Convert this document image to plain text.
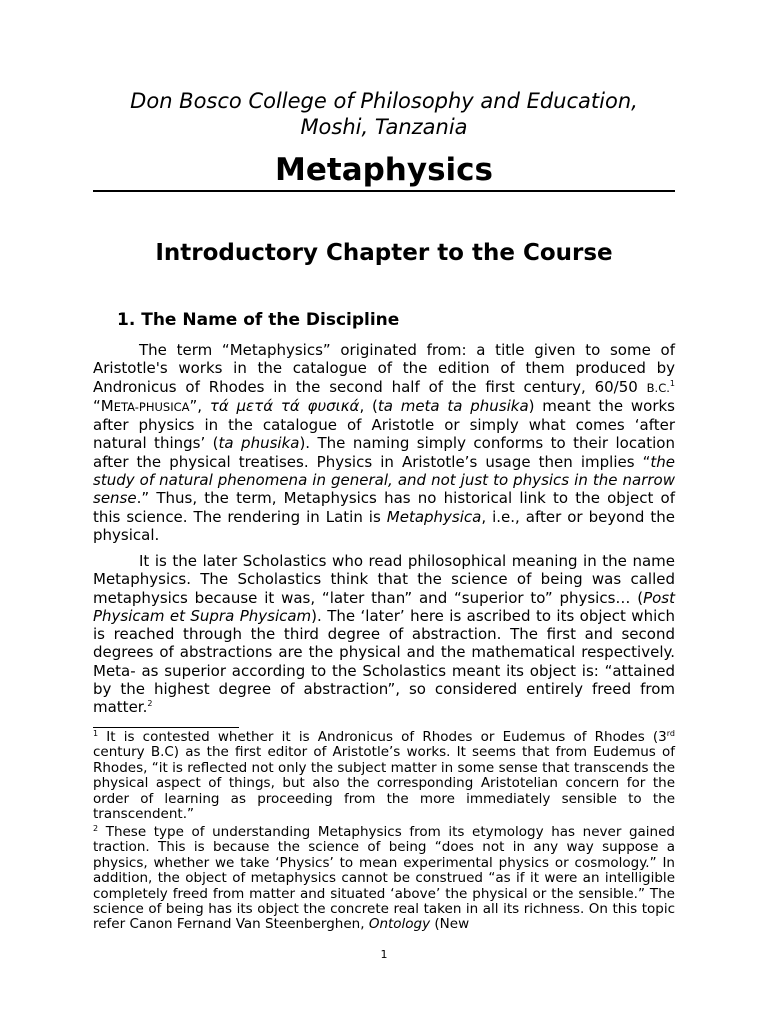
Don Bosco College of Philosophy and Education,
Moshi, Tanzania
Metaphysics
Introductory Chapter to the Course
1. The Name of the Discipline

The term “Metaphysics” originated from: a title given to some of Aristotle's works in the catalogue of the edition of them produced by Andronicus of Rhodes in the second half of the first century, 60/50 B.C.$^1$ “META-PHUSICA”, τά μετά τά φυσικά, (ta meta ta phusika) meant the works after physics in the catalogue of Aristotle or simply what comes ‘after natural things’ (ta phusika). The naming simply conforms to their location after the physical treatises. Physics in Aristotle’s usage then implies “the study of natural phenomena in general, and not just to physics in the narrow sense.” Thus, the term, Metaphysics has no historical link to the object of this science. The rendering in Latin is Metaphysica, i.e., after or beyond the physical.

It is the later Scholastics who read philosophical meaning in the name Metaphysics. The Scholastics think that the science of being was called metaphysics because it was, “later than” and “superior to” physics… (Post Physicam et Supra Physicam). The ‘later’ here is ascribed to its object which is reached through the third degree of abstraction. The first and second degrees of abstractions are the physical and the mathematical respectively. Meta- as superior according to the Scholastics meant its object is: “attained by the highest degree of abstraction”, so considered entirely freed from matter.$^2$

$^1$ It is contested whether it is Andronicus of Rhodes or Eudemus of Rhodes (3rd century B.C) as the first editor of Aristotle’s works. It seems that from Eudemus of Rhodes, “it is reflected not only the subject matter in some sense that transcends the physical aspect of things, but also the corresponding Aristotelian concern for the order of learning as proceeding from the more immediately sensible to the transcendent.”

$^2$ These type of understanding Metaphysics from its etymology has never gained traction. This is because the science of being “does not in any way suppose a physics, whether we take ‘Physics’ to mean experimental physics or cosmology.” In addition, the object of metaphysics cannot be construed “as if it were an intelligible completely freed from matter and situated ‘above’ the physical or the sensible.” The science of being has its object the concrete real taken in all its richness. On this topic refer Canon Fernand Van Steenberghen, Ontology (New

1
